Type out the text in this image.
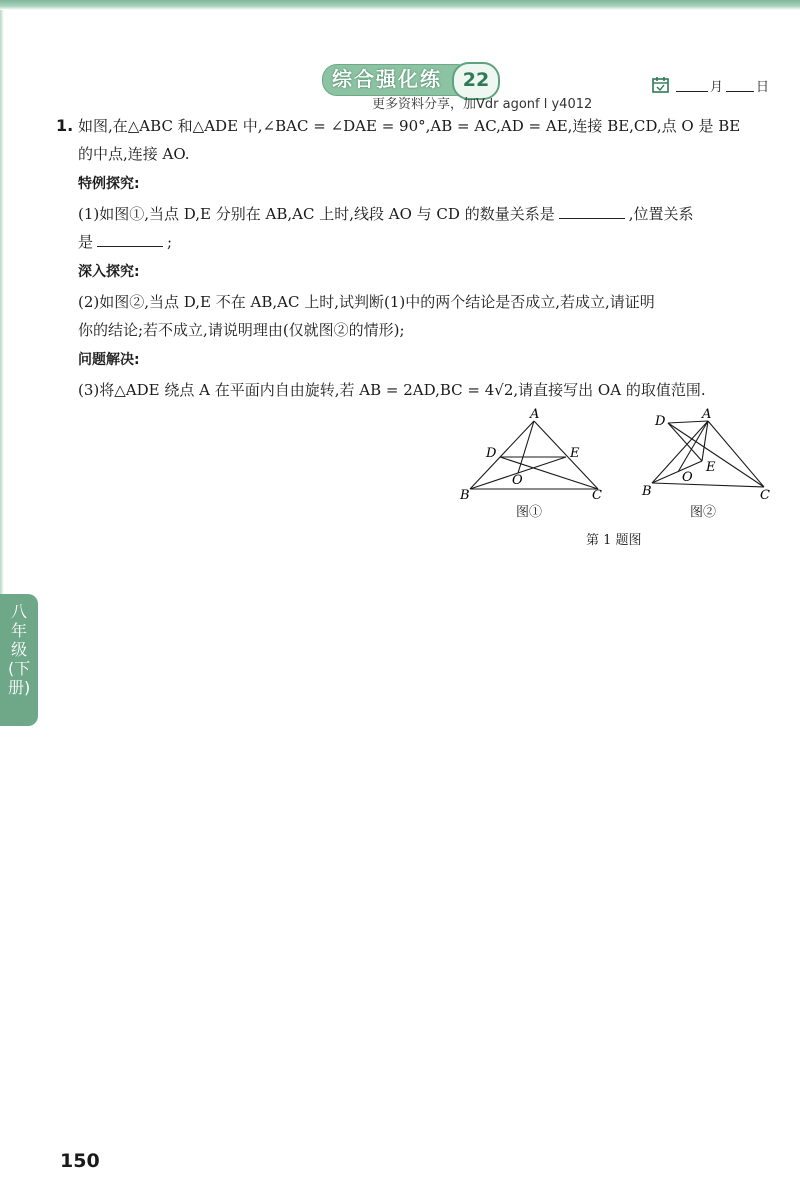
综合强化练	22
更多资料分享，加Vdr agonf l y4012
月	日
1. 如图,在△ABC 和△ADE 中,∠BAC = ∠DAE = 90°,AB = AC,AD = AE,连接 BE,CD,点 O 是 BE
的中点,连接 AO.
特例探究:
(1)如图①,当点 D,E 分别在 AB,AC 上时,线段 AO 与 CD 的数量关系是	,位置关系
是	;
深入探究:
(2)如图②,当点 D,E 不在 AB,AC 上时,试判断(1)中的两个结论是否成立,若成立,请证明
你的结论;若不成立,请说明理由(仅就图②的情形);
问题解决:
(3)将△ADE 绕点 A 在平面内自由旋转,若 AB = 2AD,BC = 4√2,请直接写出 OA 的取值范围.
A
B	C
D	E
O
图①
A
B	C
D
E
O
图②
第 1 题图
八年级(下册)
150
